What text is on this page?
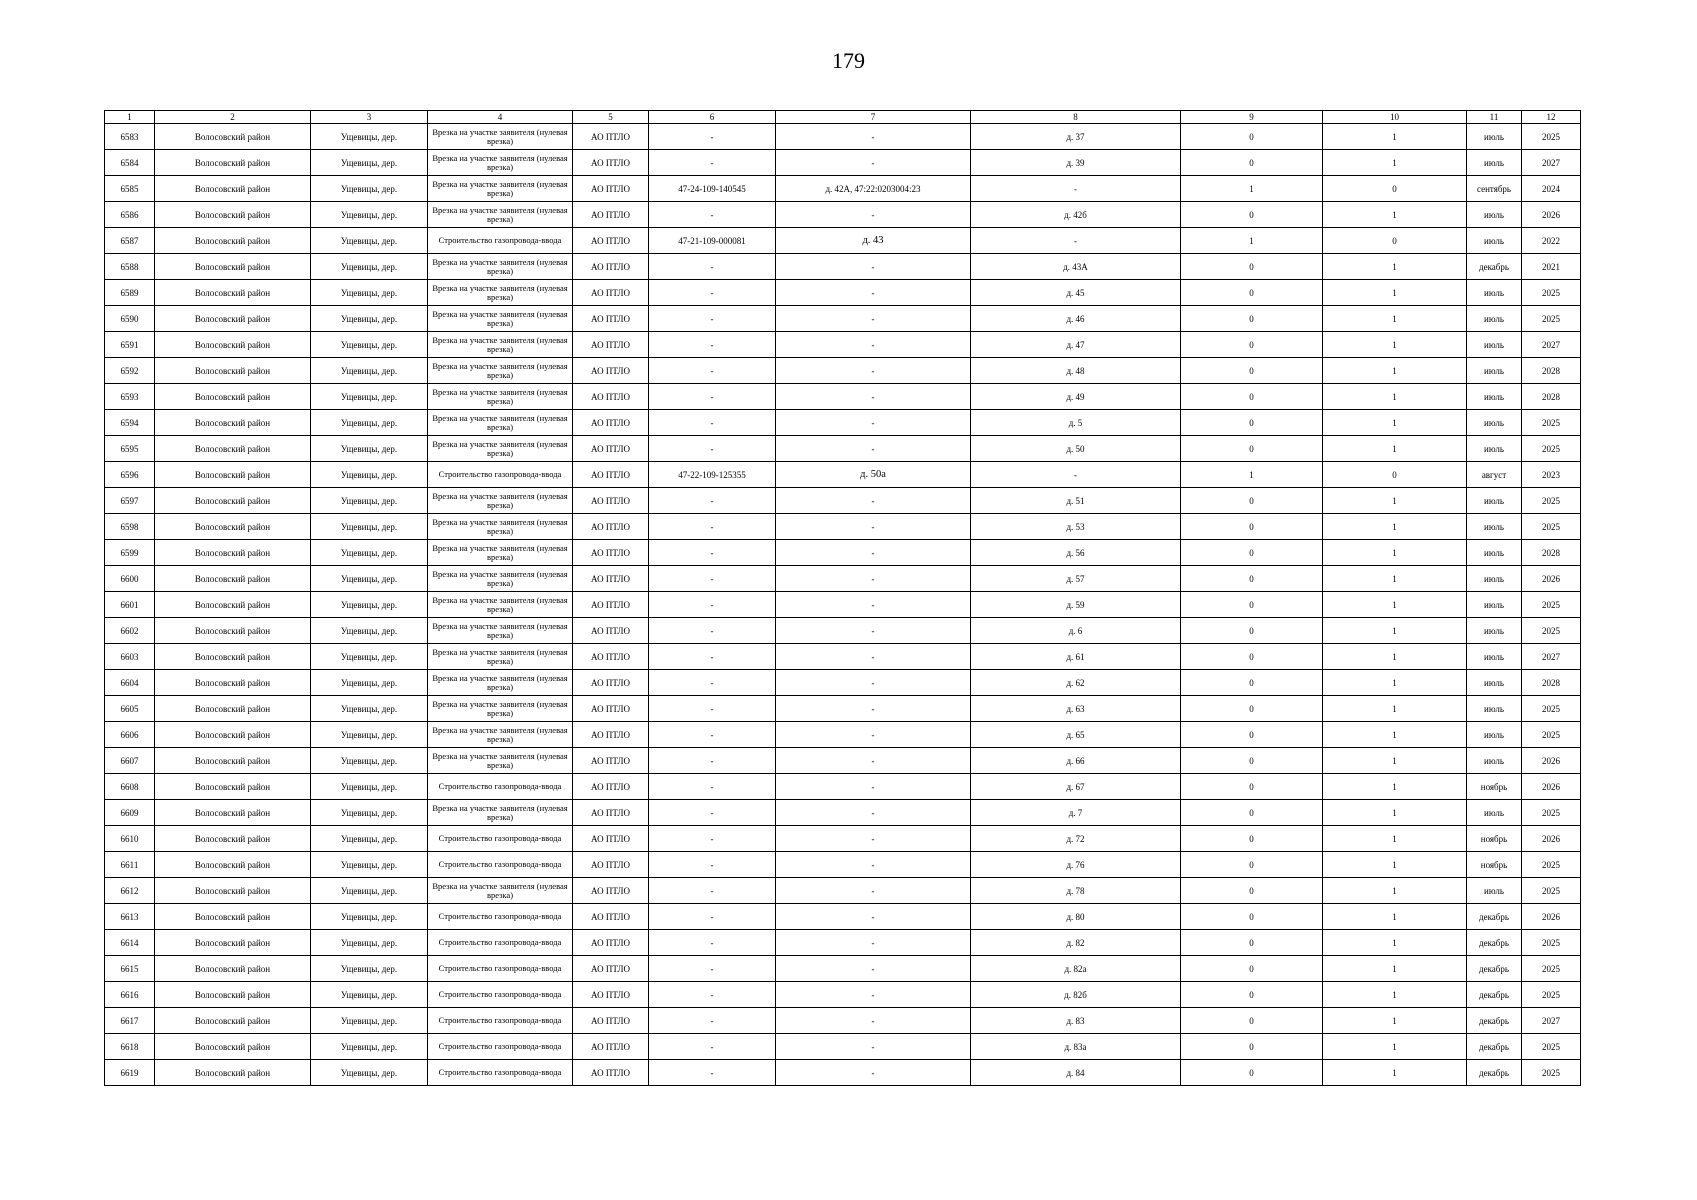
179
1	2	3	4	5	6	7	8	9	10	11	12
6583	Волосовский район	Ущевицы, дер.	Врезка на участке заявителя (нулевая врезка)	АО ПТЛО	-	-	д. 37	0	1	июль	2025
6584	Волосовский район	Ущевицы, дер.	Врезка на участке заявителя (нулевая врезка)	АО ПТЛО	-	-	д. 39	0	1	июль	2027
6585	Волосовский район	Ущевицы, дер.	Врезка на участке заявителя (нулевая врезка)	АО ПТЛО	47-24-109-140545	д. 42А, 47:22:0203004:23	-	1	0	сентябрь	2024
6586	Волосовский район	Ущевицы, дер.	Врезка на участке заявителя (нулевая врезка)	АО ПТЛО	-	-	д. 42б	0	1	июль	2026
6587	Волосовский район	Ущевицы, дер.	Строительство газопровода-ввода	АО ПТЛО	47-21-109-000081	д. 43	-	1	0	июль	2022
6588	Волосовский район	Ущевицы, дер.	Врезка на участке заявителя (нулевая врезка)	АО ПТЛО	-	-	д. 43А	0	1	декабрь	2021
6589	Волосовский район	Ущевицы, дер.	Врезка на участке заявителя (нулевая врезка)	АО ПТЛО	-	-	д. 45	0	1	июль	2025
6590	Волосовский район	Ущевицы, дер.	Врезка на участке заявителя (нулевая врезка)	АО ПТЛО	-	-	д. 46	0	1	июль	2025
6591	Волосовский район	Ущевицы, дер.	Врезка на участке заявителя (нулевая врезка)	АО ПТЛО	-	-	д. 47	0	1	июль	2027
6592	Волосовский район	Ущевицы, дер.	Врезка на участке заявителя (нулевая врезка)	АО ПТЛО	-	-	д. 48	0	1	июль	2028
6593	Волосовский район	Ущевицы, дер.	Врезка на участке заявителя (нулевая врезка)	АО ПТЛО	-	-	д. 49	0	1	июль	2028
6594	Волосовский район	Ущевицы, дер.	Врезка на участке заявителя (нулевая врезка)	АО ПТЛО	-	-	д. 5	0	1	июль	2025
6595	Волосовский район	Ущевицы, дер.	Врезка на участке заявителя (нулевая врезка)	АО ПТЛО	-	-	д. 50	0	1	июль	2025
6596	Волосовский район	Ущевицы, дер.	Строительство газопровода-ввода	АО ПТЛО	47-22-109-125355	д. 50а	-	1	0	август	2023
6597	Волосовский район	Ущевицы, дер.	Врезка на участке заявителя (нулевая врезка)	АО ПТЛО	-	-	д. 51	0	1	июль	2025
6598	Волосовский район	Ущевицы, дер.	Врезка на участке заявителя (нулевая врезка)	АО ПТЛО	-	-	д. 53	0	1	июль	2025
6599	Волосовский район	Ущевицы, дер.	Врезка на участке заявителя (нулевая врезка)	АО ПТЛО	-	-	д. 56	0	1	июль	2028
6600	Волосовский район	Ущевицы, дер.	Врезка на участке заявителя (нулевая врезка)	АО ПТЛО	-	-	д. 57	0	1	июль	2026
6601	Волосовский район	Ущевицы, дер.	Врезка на участке заявителя (нулевая врезка)	АО ПТЛО	-	-	д. 59	0	1	июль	2025
6602	Волосовский район	Ущевицы, дер.	Врезка на участке заявителя (нулевая врезка)	АО ПТЛО	-	-	д. 6	0	1	июль	2025
6603	Волосовский район	Ущевицы, дер.	Врезка на участке заявителя (нулевая врезка)	АО ПТЛО	-	-	д. 61	0	1	июль	2027
6604	Волосовский район	Ущевицы, дер.	Врезка на участке заявителя (нулевая врезка)	АО ПТЛО	-	-	д. 62	0	1	июль	2028
6605	Волосовский район	Ущевицы, дер.	Врезка на участке заявителя (нулевая врезка)	АО ПТЛО	-	-	д. 63	0	1	июль	2025
6606	Волосовский район	Ущевицы, дер.	Врезка на участке заявителя (нулевая врезка)	АО ПТЛО	-	-	д. 65	0	1	июль	2025
6607	Волосовский район	Ущевицы, дер.	Врезка на участке заявителя (нулевая врезка)	АО ПТЛО	-	-	д. 66	0	1	июль	2026
6608	Волосовский район	Ущевицы, дер.	Строительство газопровода-ввода	АО ПТЛО	-	-	д. 67	0	1	ноябрь	2026
6609	Волосовский район	Ущевицы, дер.	Врезка на участке заявителя (нулевая врезка)	АО ПТЛО	-	-	д. 7	0	1	июль	2025
6610	Волосовский район	Ущевицы, дер.	Строительство газопровода-ввода	АО ПТЛО	-	-	д. 72	0	1	ноябрь	2026
6611	Волосовский район	Ущевицы, дер.	Строительство газопровода-ввода	АО ПТЛО	-	-	д. 76	0	1	ноябрь	2025
6612	Волосовский район	Ущевицы, дер.	Врезка на участке заявителя (нулевая врезка)	АО ПТЛО	-	-	д. 78	0	1	июль	2025
6613	Волосовский район	Ущевицы, дер.	Строительство газопровода-ввода	АО ПТЛО	-	-	д. 80	0	1	декабрь	2026
6614	Волосовский район	Ущевицы, дер.	Строительство газопровода-ввода	АО ПТЛО	-	-	д. 82	0	1	декабрь	2025
6615	Волосовский район	Ущевицы, дер.	Строительство газопровода-ввода	АО ПТЛО	-	-	д. 82а	0	1	декабрь	2025
6616	Волосовский район	Ущевицы, дер.	Строительство газопровода-ввода	АО ПТЛО	-	-	д. 82б	0	1	декабрь	2025
6617	Волосовский район	Ущевицы, дер.	Строительство газопровода-ввода	АО ПТЛО	-	-	д. 83	0	1	декабрь	2027
6618	Волосовский район	Ущевицы, дер.	Строительство газопровода-ввода	АО ПТЛО	-	-	д. 83а	0	1	декабрь	2025
6619	Волосовский район	Ущевицы, дер.	Строительство газопровода-ввода	АО ПТЛО	-	-	д. 84	0	1	декабрь	2025
